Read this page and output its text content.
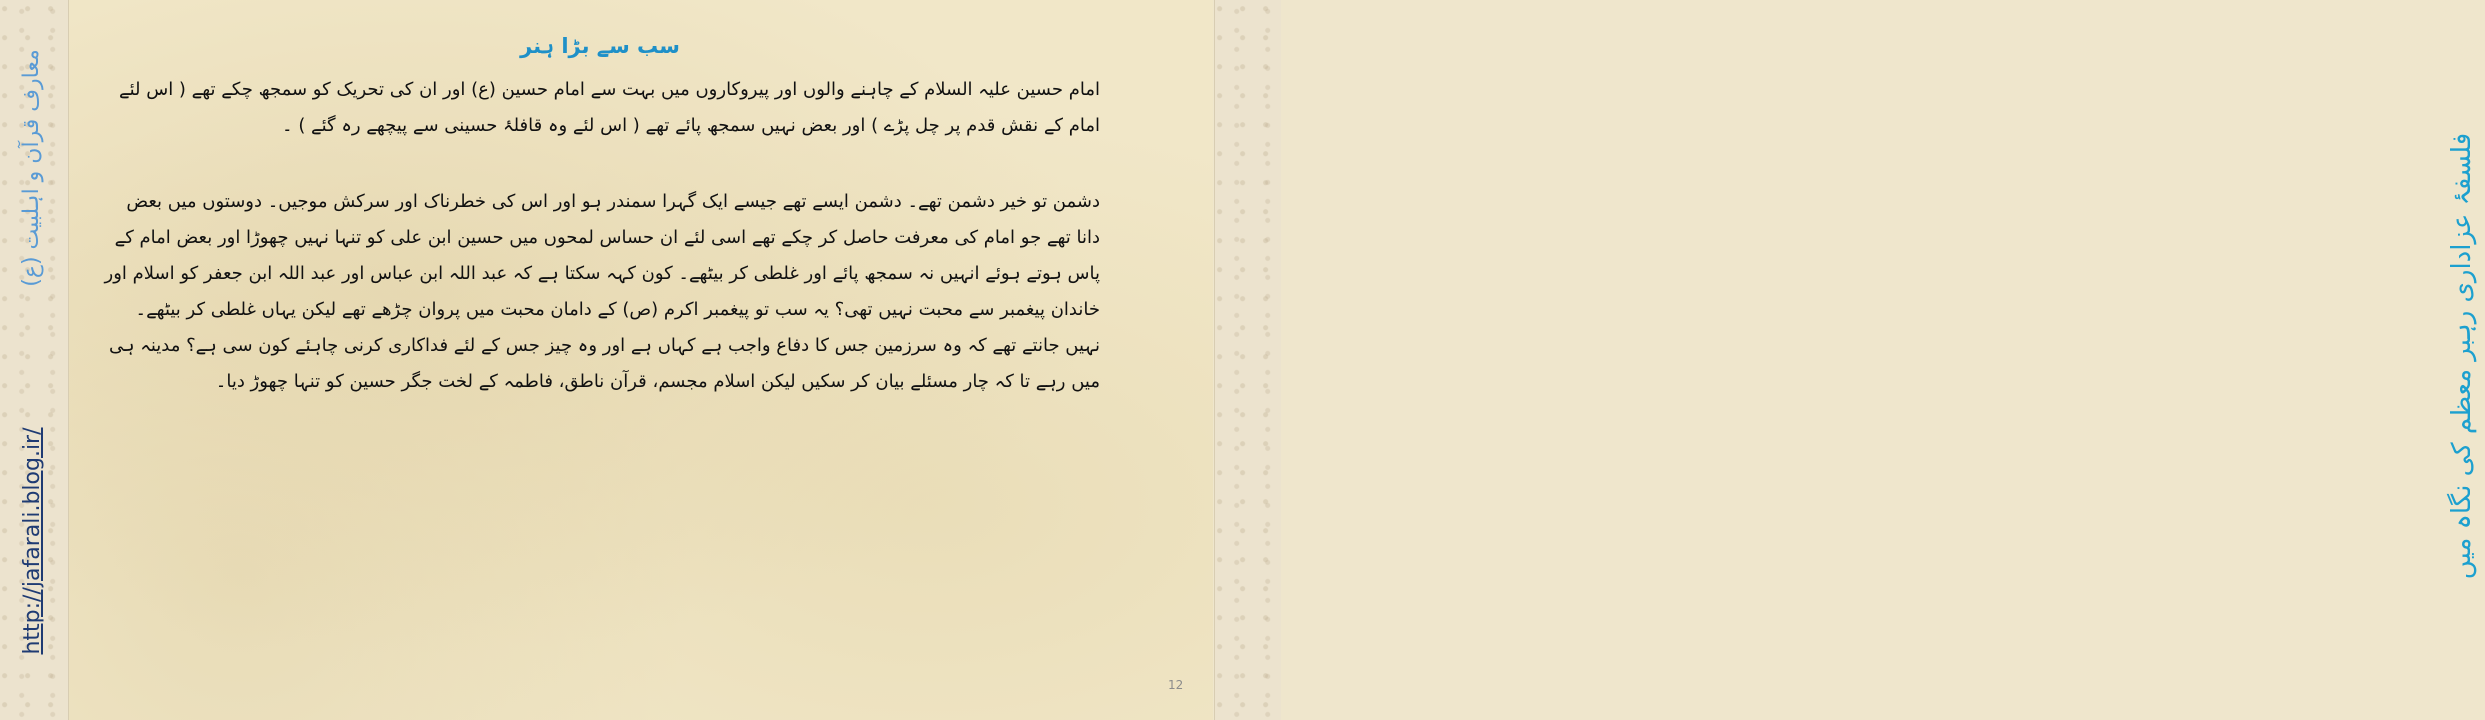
معارف قرآن و اہلبیت (ع)
http://jafarali.blog.ir/	فلسفۂ عزاداری رہبر معظم کی نگاہ میں
سب سے بڑا ہنر

امام حسین علیہ السلام کے چاہنے والوں اور پیروکاروں میں بہت سے امام حسین (ع) اور ان کی تحریک کو سمجھ چکے تھے ( اس لئے امام کے نقش قدم پر چل پڑے ) اور بعض نہیں سمجھ پائے تھے ( اس لئے وہ قافلۂ حسینی سے پیچھے رہ گئے ) ۔

دشمن تو خیر دشمن تھے۔ دشمن ایسے تھے جیسے ایک گہرا سمندر ہو اور اس کی خطرناک اور سرکش موجیں۔ دوستوں میں بعض دانا تھے جو امام کی معرفت حاصل کر چکے تھے اسی لئے ان حساس لمحوں میں حسین ابن علی کو تنہا نہیں چھوڑا اور بعض امام کے پاس ہوتے ہوئے انہیں نہ سمجھ پائے اور غلطی کر بیٹھے۔ کون کہہ سکتا ہے کہ عبد اللہ ابن عباس اور عبد اللہ ابن جعفر کو اسلام اور خاندان پیغمبر سے محبت نہیں تھی؟ یہ سب تو پیغمبر اکرم (ص) کے دامان محبت میں پروان چڑھے تھے لیکن یہاں غلطی کر بیٹھے۔ نہیں جانتے تھے کہ وہ سرزمین جس کا دفاع واجب ہے کہاں ہے اور وہ چیز جس کے لئے فداکاری کرنی چاہئے کون سی ہے؟ مدینہ ہی میں رہے تا کہ چار مسئلے بیان کر سکیں لیکن اسلام مجسم، قرآن ناطق، فاطمہ کے لخت جگر حسین کو تنہا چھوڑ دیا۔

12
